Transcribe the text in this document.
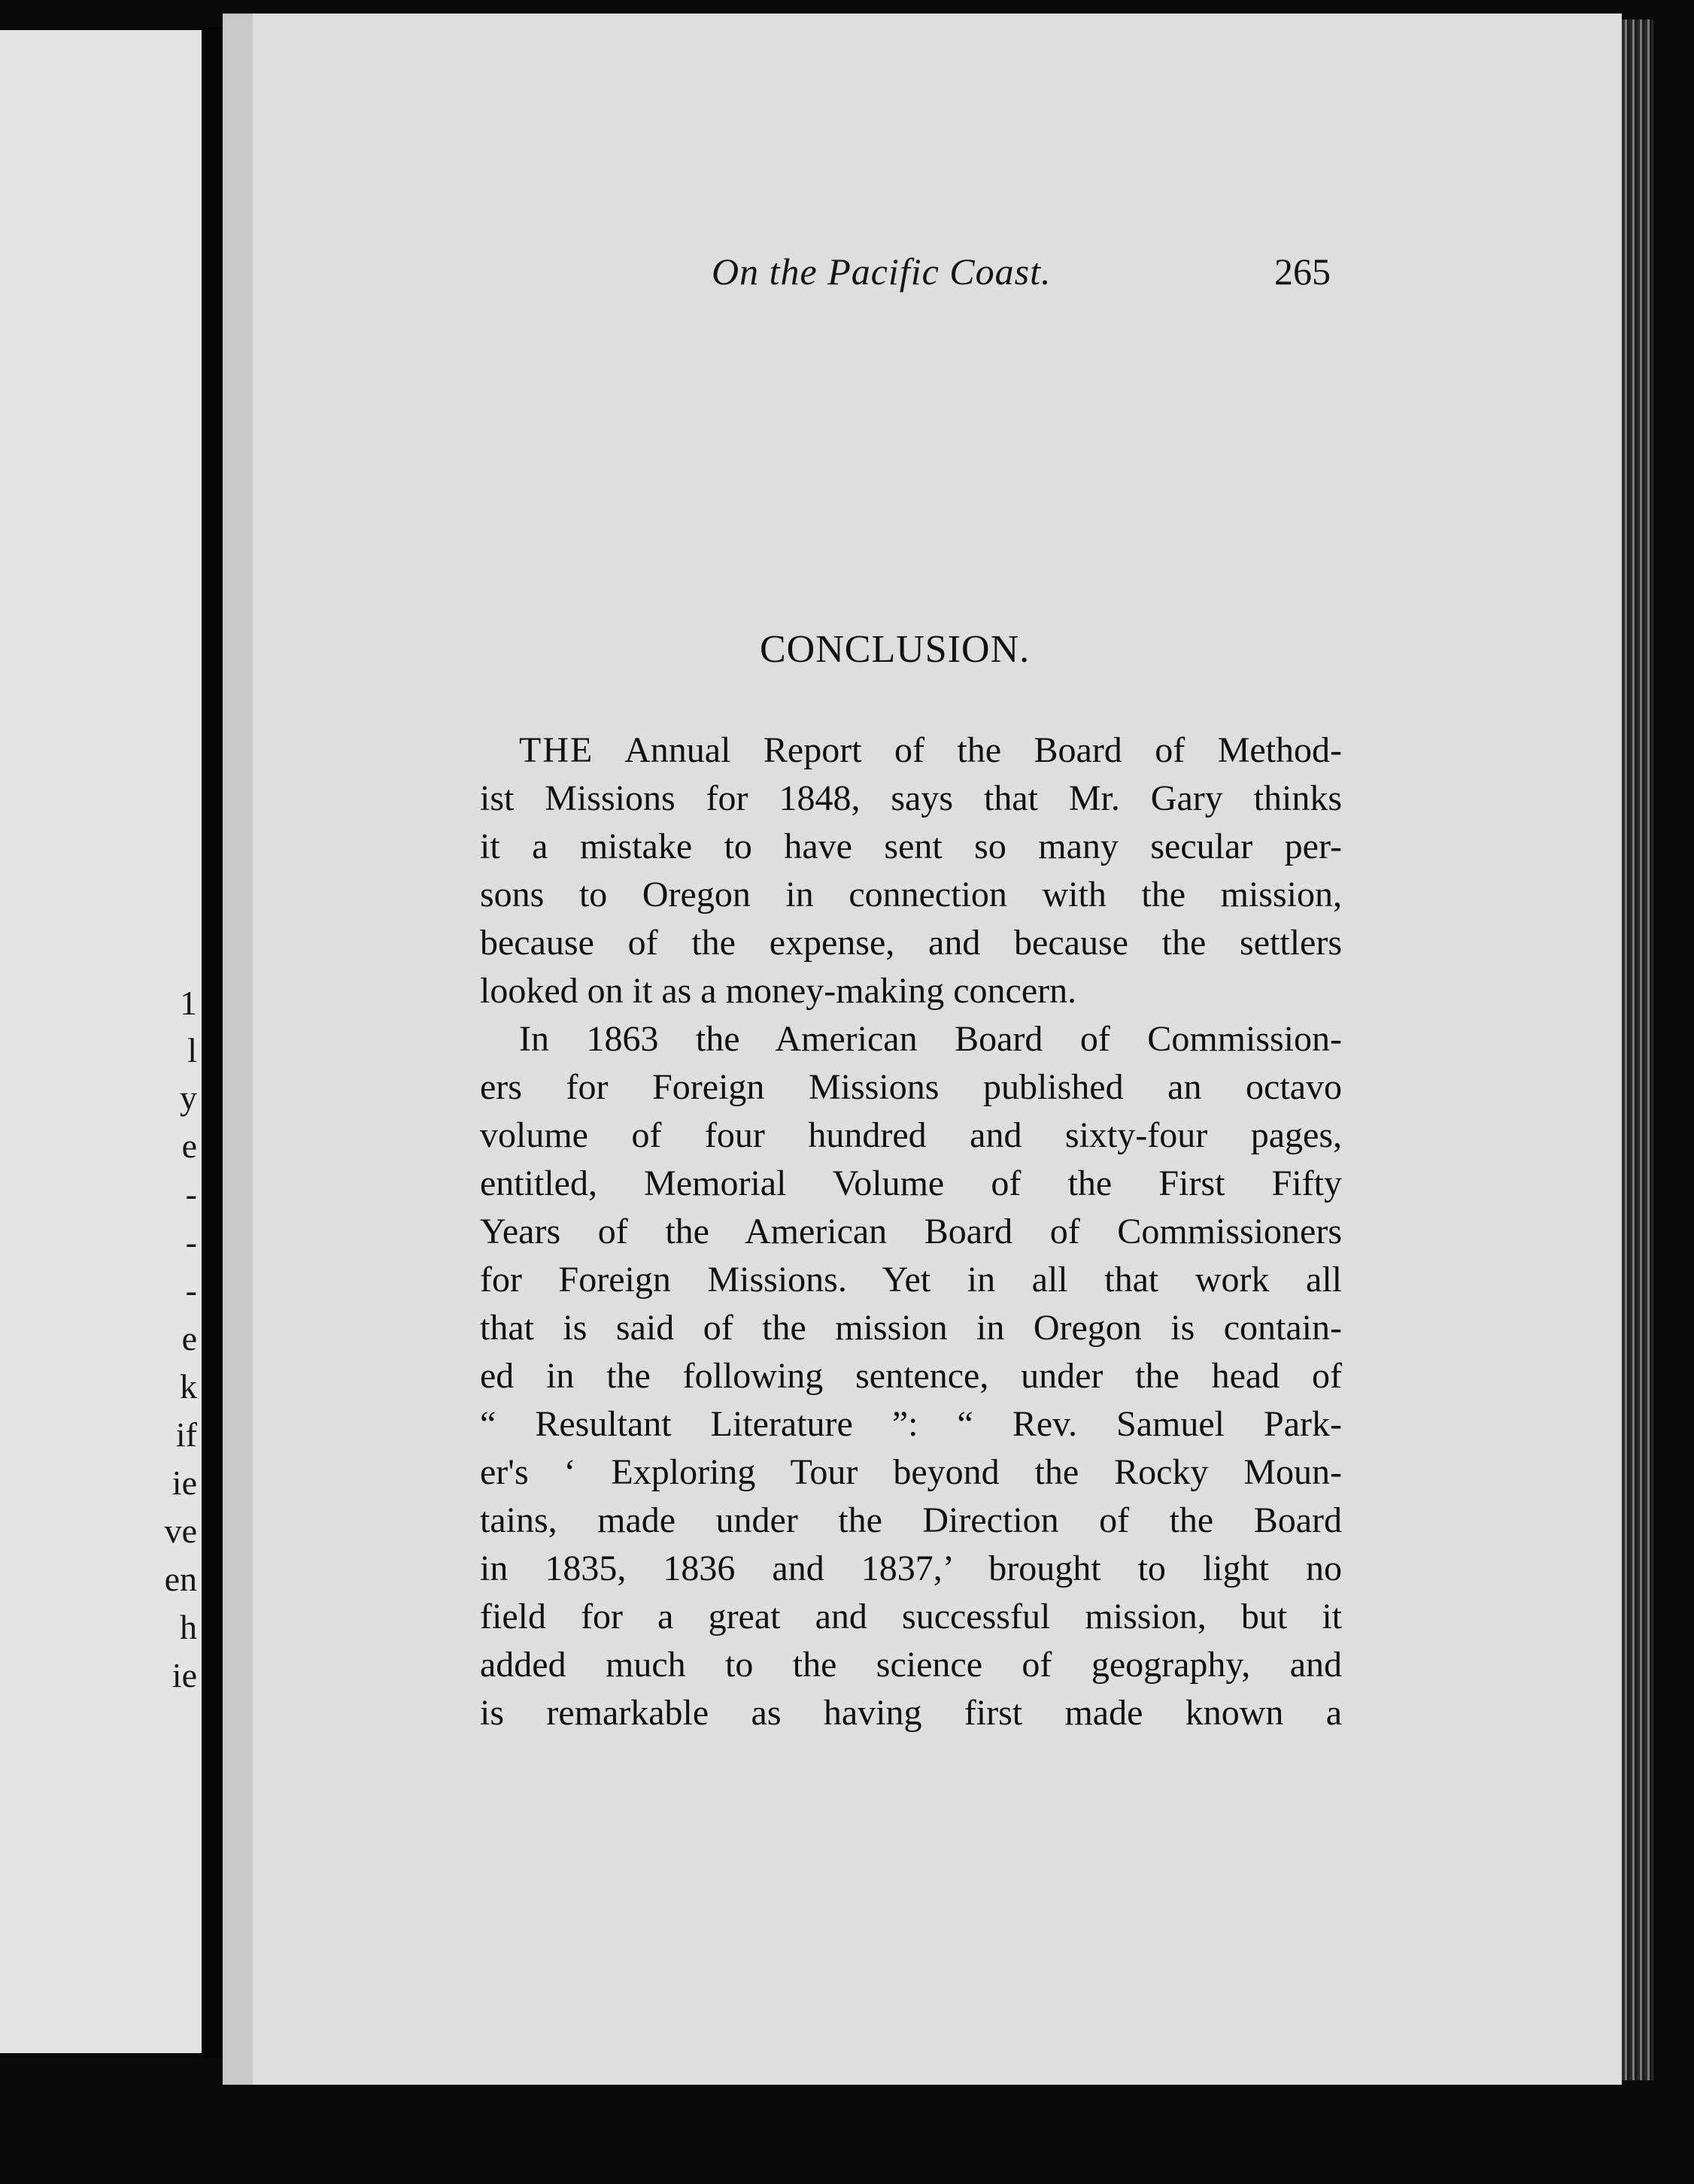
1
l
y
e
-
-
-
e
k
if
ie
ve
en
h
ie
On the Pacific Coast.	265
CONCLUSION.
THE Annual Report of the Board of Method-
ist Missions for 1848, says that Mr. Gary thinks
it a mistake to have sent so many secular per-
sons to Oregon in connection with the mission,
because of the expense, and because the settlers
looked on it as a money-making concern.
In 1863 the American Board of Commission-
ers for Foreign Missions published an octavo
volume of four hundred and sixty-four pages,
entitled, Memorial Volume of the First Fifty
Years of the American Board of Commissioners
for Foreign Missions. Yet in all that work all
that is said of the mission in Oregon is contain-
ed in the following sentence, under the head of
“ Resultant Literature ”: “ Rev. Samuel Park-
er's ‘ Exploring Tour beyond the Rocky Moun-
tains, made under the Direction of the Board
in 1835, 1836 and 1837,’ brought to light no
field for a great and successful mission, but it
added much to the science of geography, and
is remarkable as having first made known a
